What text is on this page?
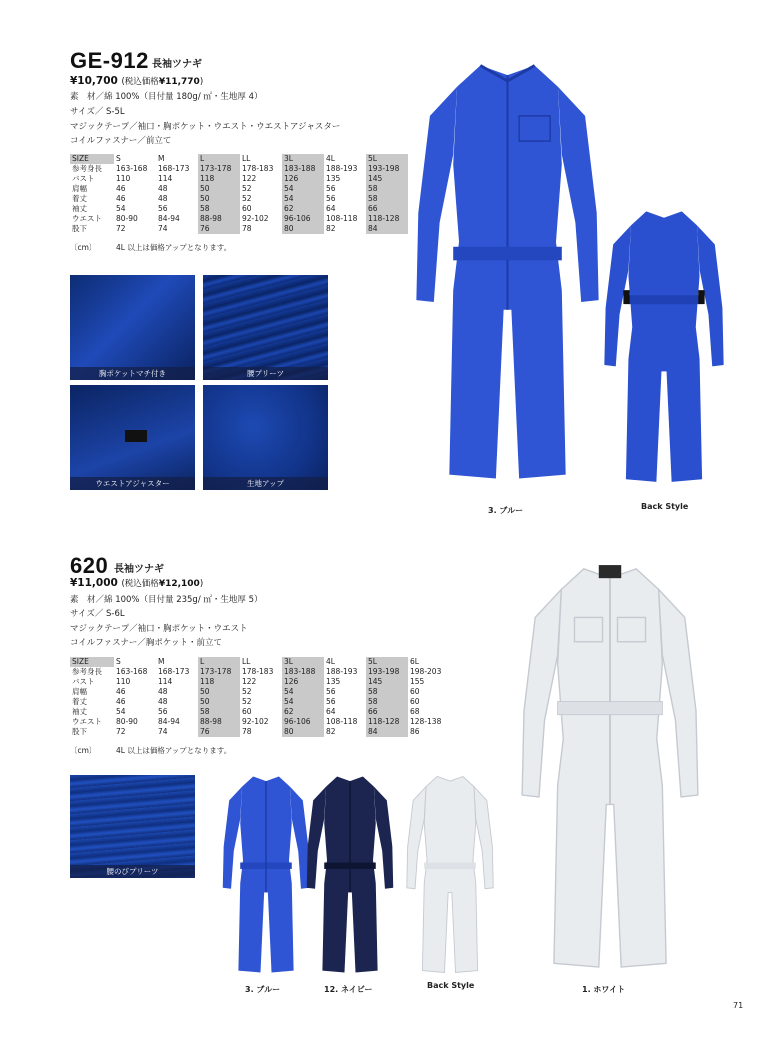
GE-912 長袖ツナギ
¥10,700 (税込価格¥11,770)
素　材／綿 100%（目付量 180g/ ㎡・生地厚 4）
サイズ／ S-5L
マジックテープ／袖口・胸ポケット・ウエスト・ウエストアジャスター
コイルファスナー／前立て
SIZE	S	M	L	LL	3L	4L	5L
参考身長	163-168	168-173	173-178	178-183	183-188	188-193	193-198
バスト	110	114	118	122	126	135	145
肩幅	46	48	50	52	54	56	58
着丈	46	48	50	52	54	56	58
袖丈	54	56	58	60	62	64	66
ウエスト	80-90	84-94	88-98	92-102	96-106	108-118	118-128
股下	72	74	76	78	80	82	84
〔cm〕	4L 以上は価格アップとなります。
胸ポケットマチ付き	腰プリーツ
ウエストアジャスター	生地アップ
3. ブルー	Back Style
620 長袖ツナギ
¥11,000 (税込価格¥12,100)
素　材／綿 100%（目付量 235g/ ㎡・生地厚 5）
サイズ／ S-6L
マジックテープ／袖口・胸ポケット・ウエスト
コイルファスナー／胸ポケット・前立て
SIZE	S	M	L	LL	3L	4L	5L	6L
参考身長	163-168	168-173	173-178	178-183	183-188	188-193	193-198	198-203
バスト	110	114	118	122	126	135	145	155
肩幅	46	48	50	52	54	56	58	60
着丈	46	48	50	52	54	56	58	60
袖丈	54	56	58	60	62	64	66	68
ウエスト	80-90	84-94	88-98	92-102	96-106	108-118	118-128	128-138
股下	72	74	76	78	80	82	84	86
〔cm〕	4L 以上は価格アップとなります。
腰のびプリーツ
3. ブルー	12. ネイビー	Back Style	1. ホワイト
71
